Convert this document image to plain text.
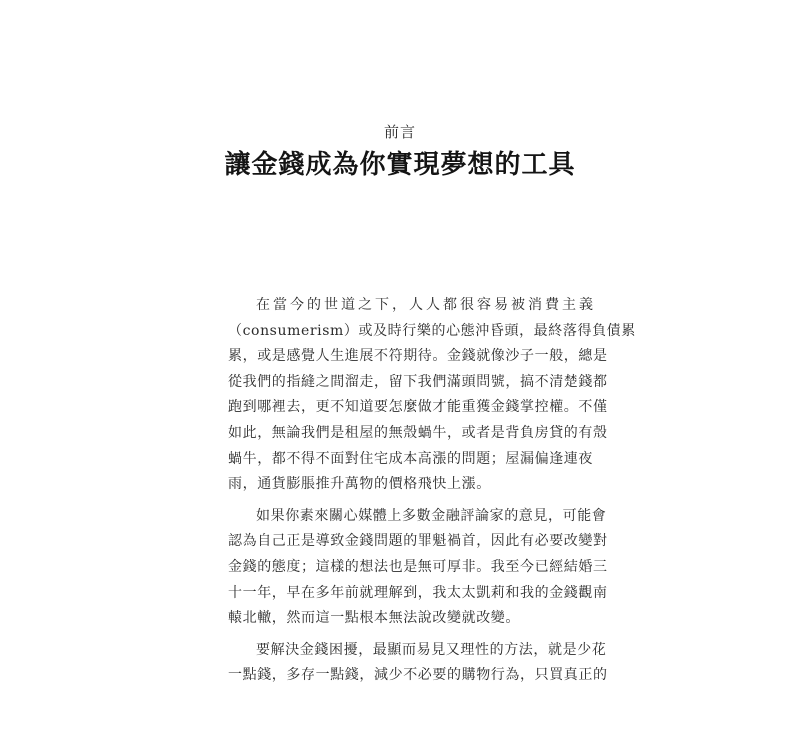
前言
讓金錢成為你實現夢想的工具

在當今的世道之下，人人都很容易被消費主義

（consumerism）或及時行樂的心態沖昏頭，最終落得負債累

累，或是感覺人生進展不符期待。金錢就像沙子一般，總是

從我們的指縫之間溜走，留下我們滿頭問號，搞不清楚錢都

跑到哪裡去，更不知道要怎麼做才能重獲金錢掌控權。不僅

如此，無論我們是租屋的無殼蝸牛，或者是背負房貸的有殼

蝸牛，都不得不面對住宅成本高漲的問題；屋漏偏逢連夜

雨，通貨膨脹推升萬物的價格飛快上漲。

如果你素來關心媒體上多數金融評論家的意見，可能會

認為自己正是導致金錢問題的罪魁禍首，因此有必要改變對

金錢的態度；這樣的想法也是無可厚非。我至今已經結婚三

十一年，早在多年前就理解到，我太太凱莉和我的金錢觀南

轅北轍，然而這一點根本無法說改變就改變。

要解決金錢困擾，最顯而易見又理性的方法，就是少花

一點錢，多存一點錢，減少不必要的購物行為，只買真正的
